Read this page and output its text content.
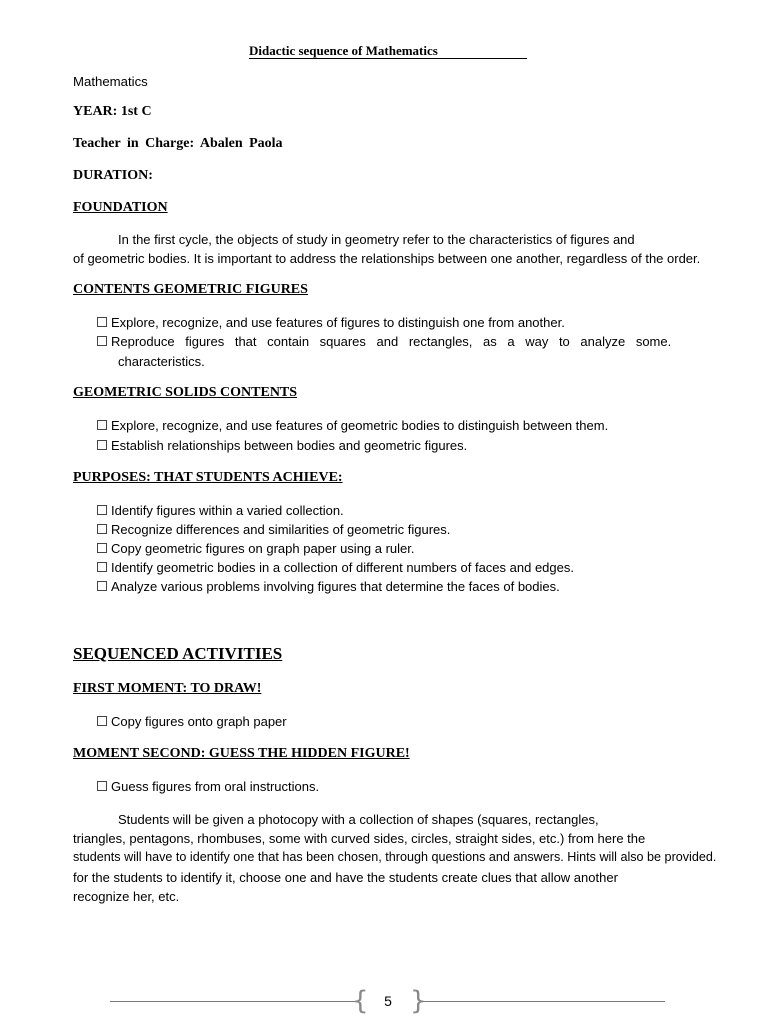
Didactic sequence of Mathematics
Mathematics
YEAR: 1st C
Teacher in Charge: Abalen Paola
DURATION:
FOUNDATION
In the first cycle, the objects of study in geometry refer to the characteristics of figures and
of geometric bodies. It is important to address the relationships between one another, regardless of the order.
CONTENTS GEOMETRIC FIGURES
Explore, recognize, and use features of figures to distinguish one from another.
Reproduce figures that contain squares and rectangles, as a way to analyze some.
characteristics.
GEOMETRIC SOLIDS CONTENTS
Explore, recognize, and use features of geometric bodies to distinguish between them.
Establish relationships between bodies and geometric figures.
PURPOSES: THAT STUDENTS ACHIEVE:
Identify figures within a varied collection.
Recognize differences and similarities of geometric figures.
Copy geometric figures on graph paper using a ruler.
Identify geometric bodies in a collection of different numbers of faces and edges.
Analyze various problems involving figures that determine the faces of bodies.
SEQUENCED ACTIVITIES
FIRST MOMENT: TO DRAW!
Copy figures onto graph paper
MOMENT SECOND: GUESS THE HIDDEN FIGURE!
Guess figures from oral instructions.
Students will be given a photocopy with a collection of shapes (squares, rectangles,
triangles, pentagons, rhombuses, some with curved sides, circles, straight sides, etc.) from here the
students will have to identify one that has been chosen, through questions and answers. Hints will also be provided.
for the students to identify it, choose one and have the students create clues that allow another
recognize her, etc.
{ }
5
